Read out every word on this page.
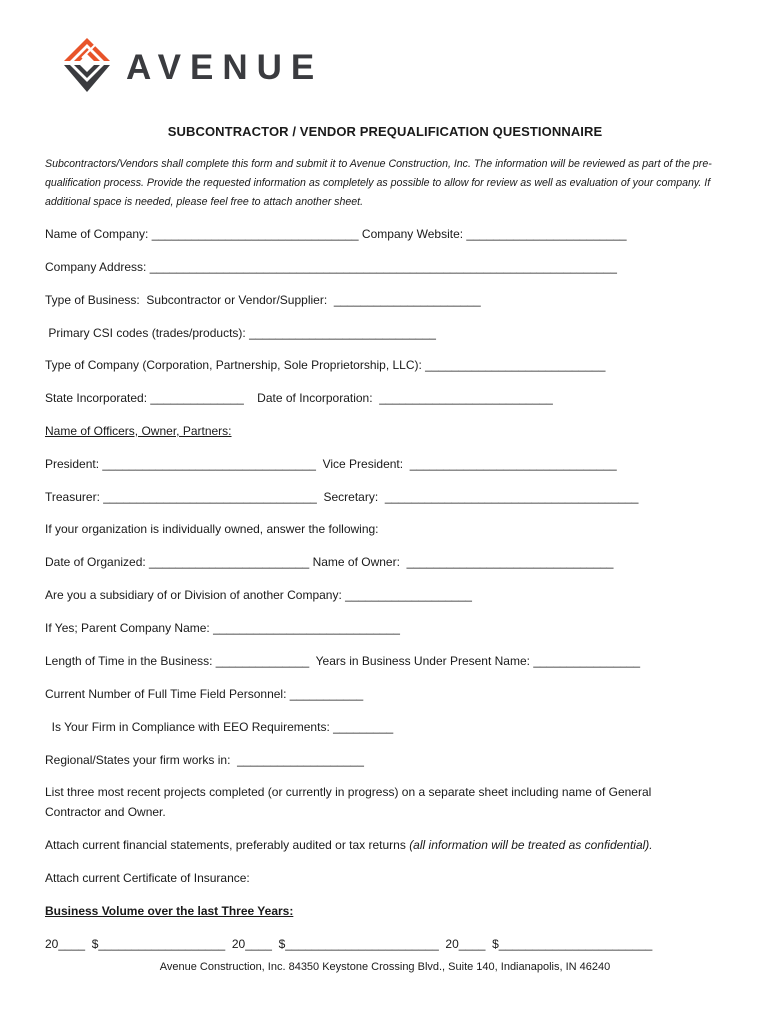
AVENUE
SUBCONTRACTOR / VENDOR PREQUALIFICATION QUESTIONNAIRE
Subcontractors/Vendors shall complete this form and submit it to Avenue Construction, Inc. The information will be reviewed as part of the pre-qualification process. Provide the requested information as completely as possible to allow for review as well as evaluation of your company. If additional space is needed, please feel free to attach another sheet.
Name of Company: _______________________________ Company Website: ________________________
Company Address: ______________________________________________________________________
Type of Business:  Subcontractor or Vendor/Supplier:  ______________________
Primary CSI codes (trades/products): ____________________________
Type of Company (Corporation, Partnership, Sole Proprietorship, LLC): ___________________________
State Incorporated: ______________    Date of Incorporation:  __________________________
Name of Officers, Owner, Partners:
President: ________________________________  Vice President:  _______________________________
Treasurer: ________________________________  Secretary:  ______________________________________
If your organization is individually owned, answer the following:
Date of Organized: ________________________ Name of Owner:  _______________________________
Are you a subsidiary of or Division of another Company: ___________________
If Yes; Parent Company Name: ____________________________
Length of Time in the Business: ______________  Years in Business Under Present Name: ________________
Current Number of Full Time Field Personnel: ___________
Is Your Firm in Compliance with EEO Requirements: _________
Regional/States your firm works in:  ___________________
List three most recent projects completed (or currently in progress) on a separate sheet including name of General
Contractor and Owner.
Attach current financial statements, preferably audited or tax returns (all information will be treated as confidential).
Attach current Certificate of Insurance:
Business Volume over the last Three Years:
20____  $___________________  20____  $_______________________  20____  $_______________________
Avenue Construction, Inc. 84350 Keystone Crossing Blvd., Suite 140, Indianapolis, IN 46240
